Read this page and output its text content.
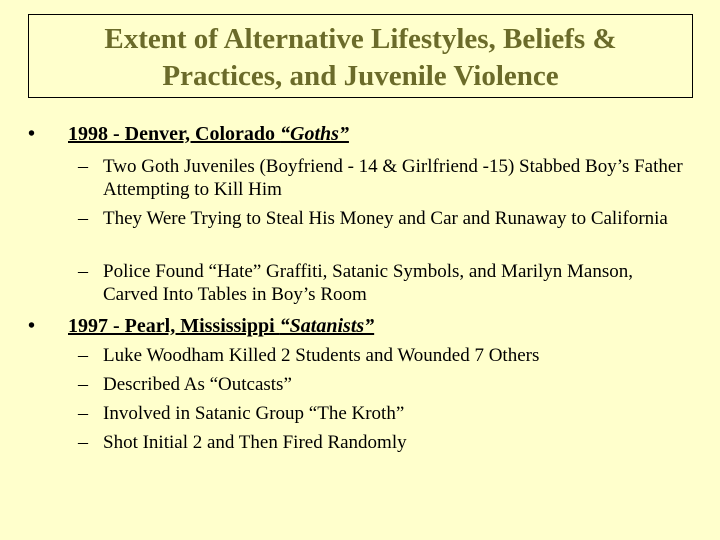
Extent of Alternative Lifestyles, Beliefs &
Practices, and Juvenile Violence
• 1998 - Denver, Colorado “Goths”
– Two Goth Juveniles (Boyfriend - 14 & Girlfriend -15) Stabbed Boy’s Father Attempting to Kill Him
– They Were Trying to Steal His Money and Car and Runaway to California
– Police Found “Hate” Graffiti, Satanic Symbols, and Marilyn Manson, Carved Into Tables in Boy’s Room
• 1997 - Pearl, Mississippi “Satanists”
– Luke Woodham Killed 2 Students and Wounded 7 Others
– Described As “Outcasts”
– Involved in Satanic Group “The Kroth”
– Shot Initial 2 and Then Fired Randomly
